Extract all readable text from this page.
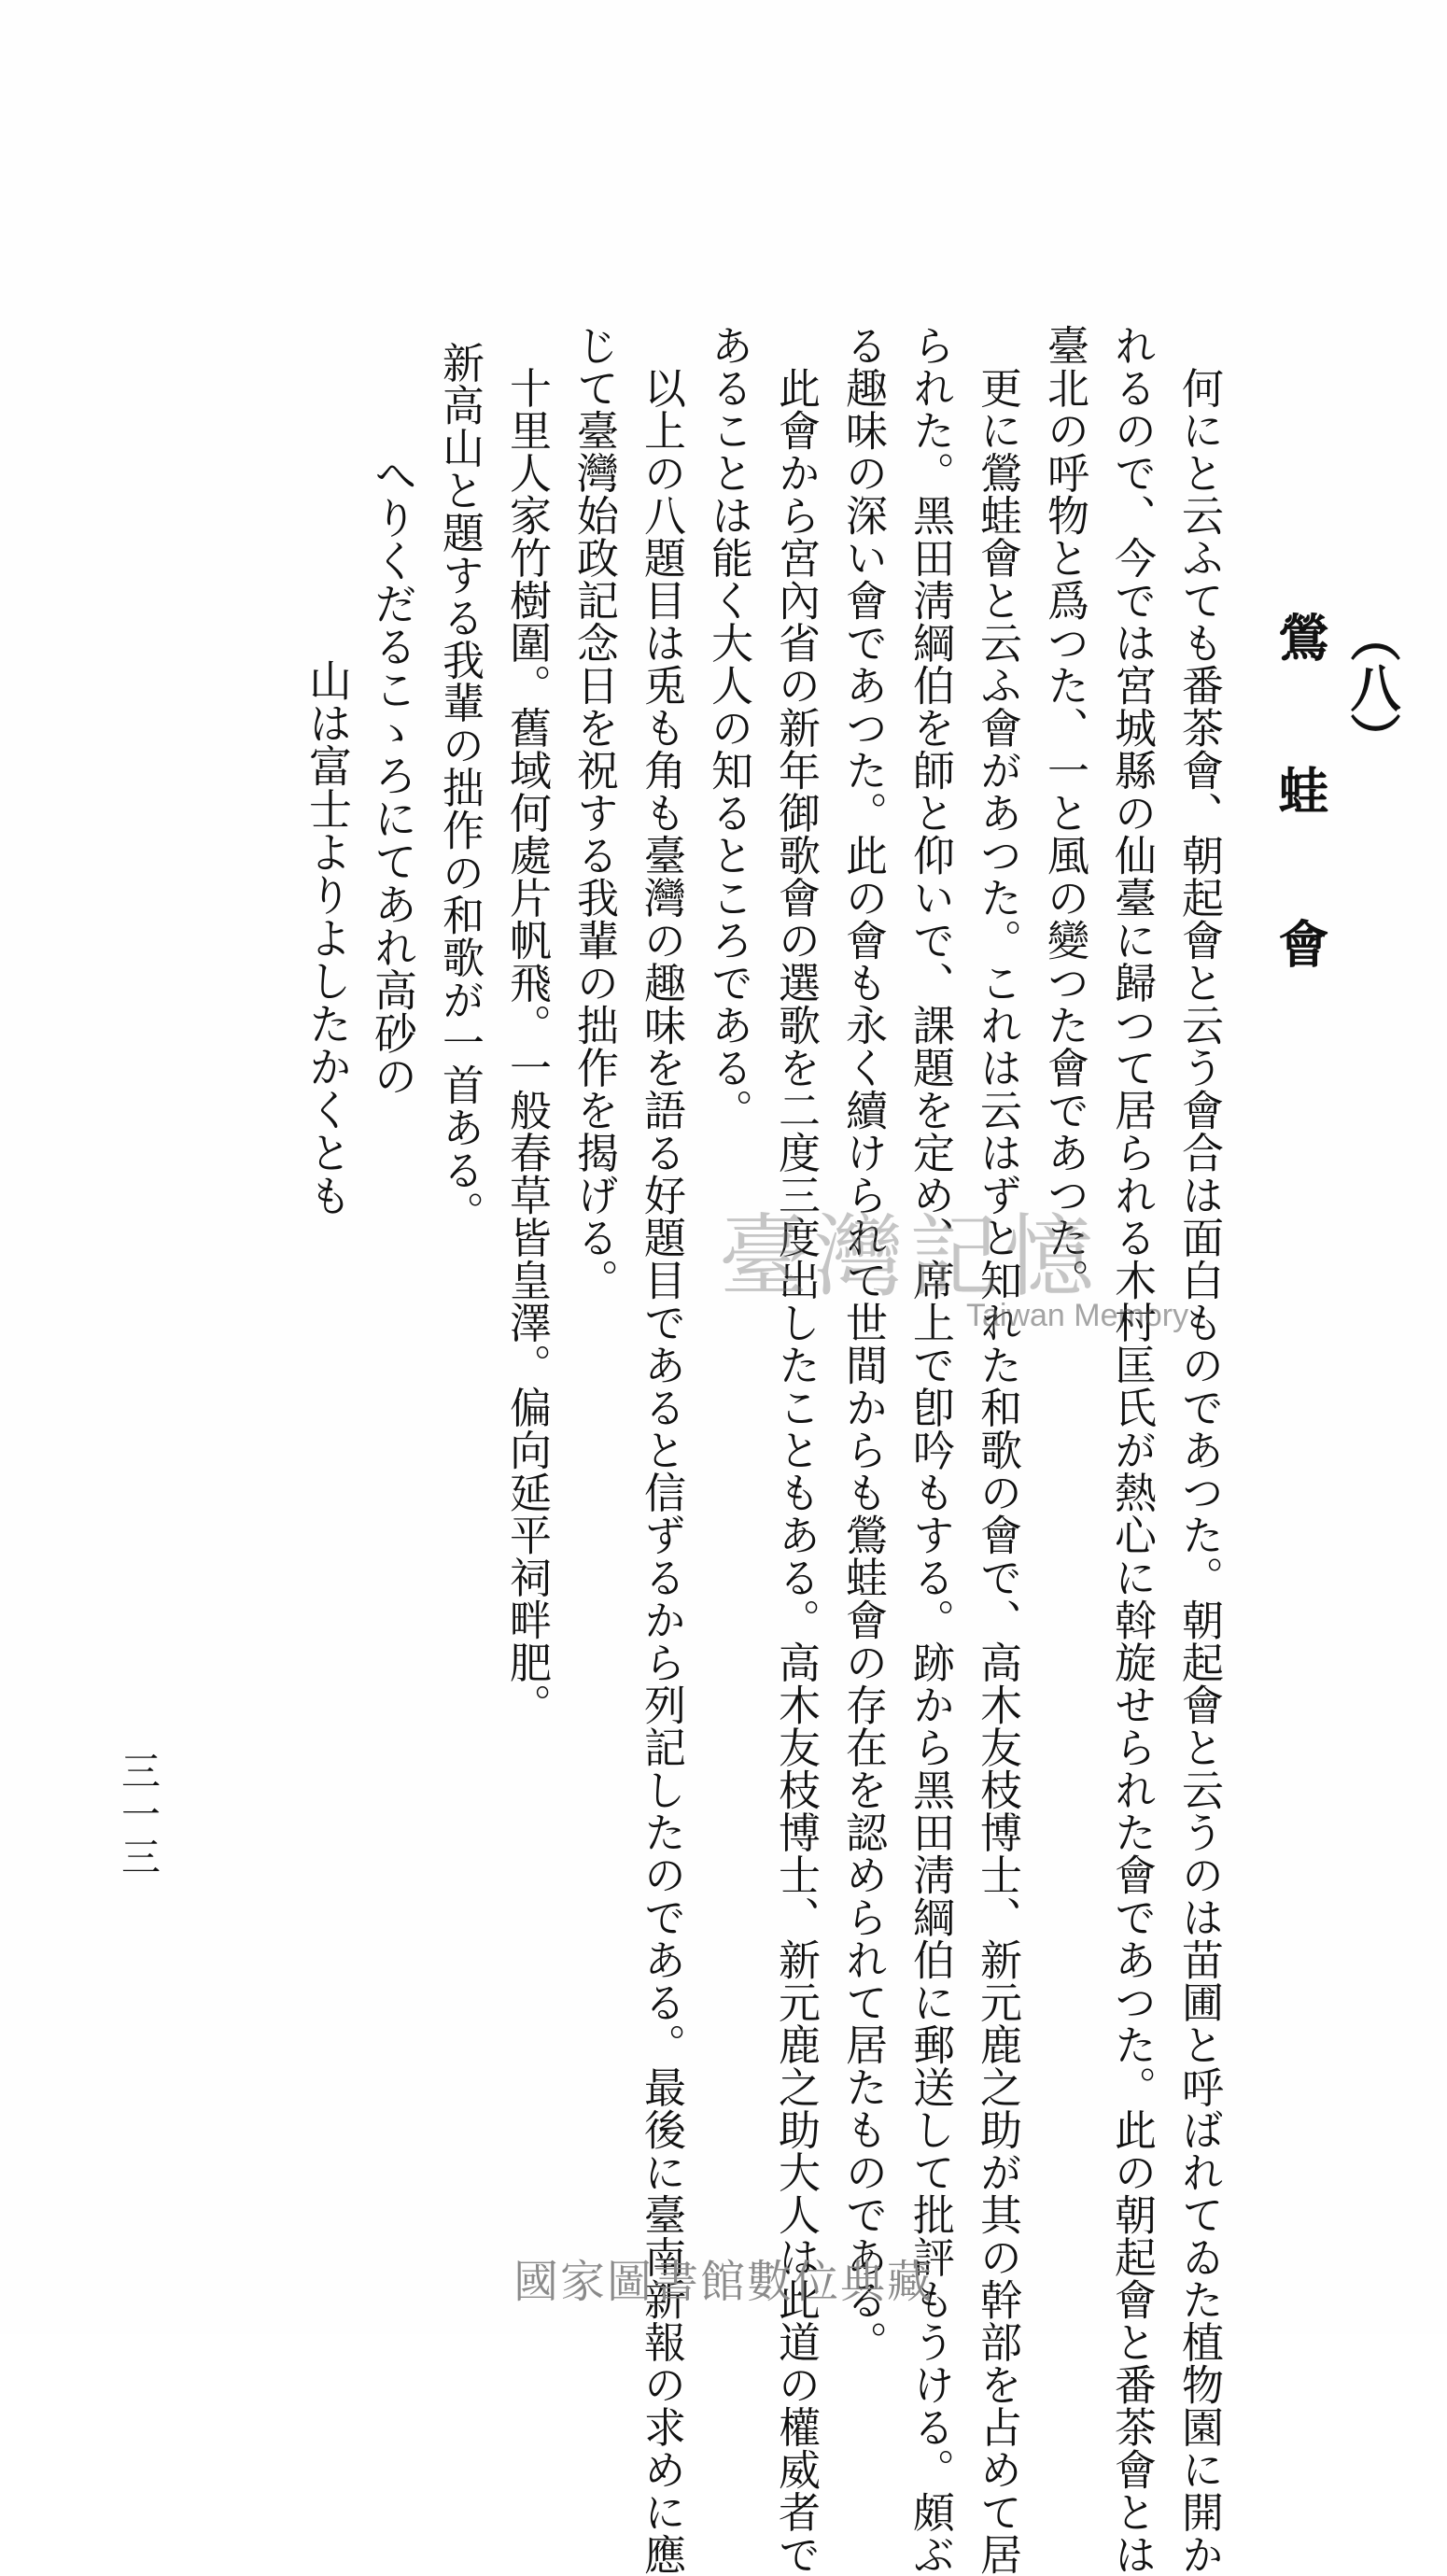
（八）
鶯蛙會
　何にと云ふても番茶會、朝起會と云う會合は面白ものであつた。朝起會と云うのは苗圃と呼ばれてゐた植物園に開か
れるので、今では宮城縣の仙臺に歸つて居られる木村匡氏が熱心に斡旋せられた會であつた。此の朝起會と番茶會とは
臺北の呼物と爲つた、一と風の變つた會であつた。
　更に鶯蛙會と云ふ會があつた。これは云はずと知れた和歌の會で、高木友枝博士、新元鹿之助が其の幹部を占めて居
られた。黑田淸綱伯を師と仰いで、課題を定め、席上で卽吟もする。跡から黑田淸綱伯に郵送して批評もうける。頗ぶ
る趣味の深い會であつた。此の會も永く續けられて世間からも鶯蛙會の存在を認められて居たものである。
　此會から宮內省の新年御歌會の選歌を二度三度出したこともある。高木友枝博士、新元鹿之助大人は此道の權威者で
あることは能く大人の知るところである。
　以上の八題目は兎も角も臺灣の趣味を語る好題目であると信ずるから列記したのである。最後に臺南新報の求めに應
じて臺灣始政記念日を祝する我輩の拙作を揭げる。
　十里人家竹樹圍。舊域何處片帆飛。一般春草皆皇澤。偏向延平祠畔肥。
　新高山と題する我輩の拙作の和歌が一首ある。
へりくだるこゝろにてあれ高砂の
山は富士よりよしたかくとも
三一三
臺灣記憶
Taiwan Memory
國家圖書館數位典藏
